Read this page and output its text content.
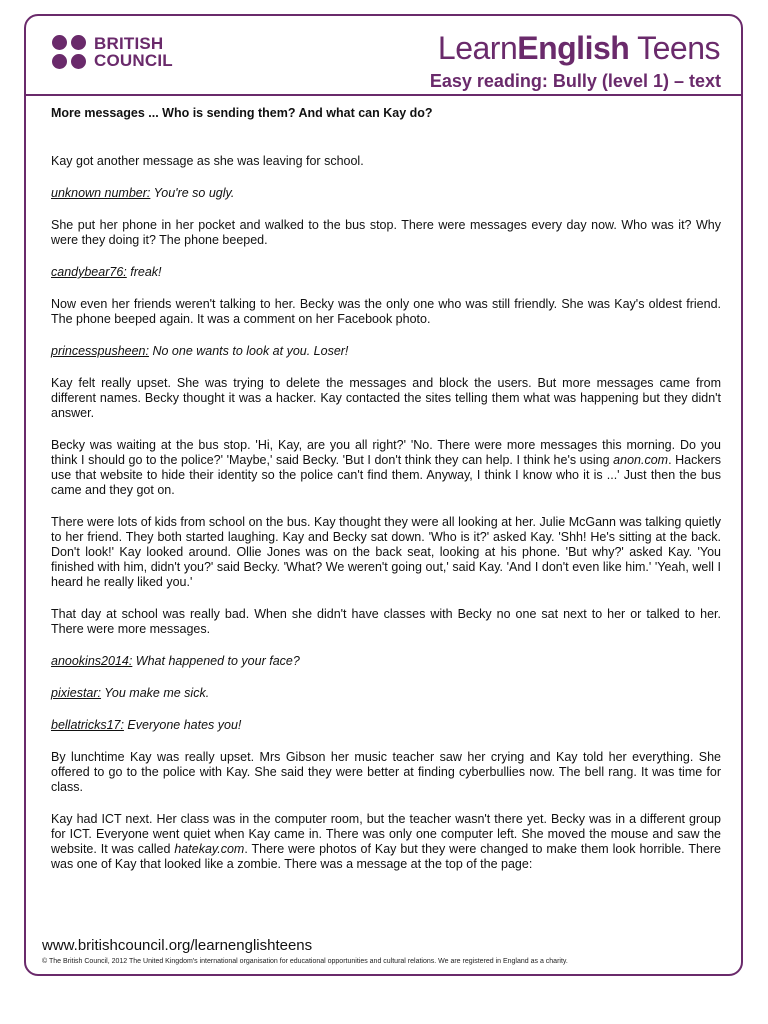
BRITISH
COUNCIL	LearnEnglish Teens
Easy reading: Bully (level 1) – text
More messages ... Who is sending them? And what can Kay do?

Kay got another message as she was leaving for school.

unknown number: You're so ugly.

She put her phone in her pocket and walked to the bus stop. There were messages every day now. Who was it? Why were they doing it? The phone beeped.

candybear76: freak!

Now even her friends weren't talking to her. Becky was the only one who was still friendly. She was Kay's oldest friend. The phone beeped again. It was a comment on her Facebook photo.

princesspusheen: No one wants to look at you. Loser!

Kay felt really upset. She was trying to delete the messages and block the users. But more messages came from different names. Becky thought it was a hacker. Kay contacted the sites telling them what was happening but they didn't answer.

Becky was waiting at the bus stop. 'Hi, Kay, are you all right?' 'No. There were more messages this morning. Do you think I should go to the police?' 'Maybe,' said Becky. 'But I don't think they can help. I think he's using anon.com. Hackers use that website to hide their identity so the police can't find them. Anyway, I think I know who it is ...' Just then the bus came and they got on.

There were lots of kids from school on the bus. Kay thought they were all looking at her. Julie McGann was talking quietly to her friend. They both started laughing. Kay and Becky sat down. 'Who is it?' asked Kay. 'Shh! He's sitting at the back. Don't look!' Kay looked around. Ollie Jones was on the back seat, looking at his phone. 'But why?' asked Kay. 'You finished with him, didn't you?' said Becky. 'What? We weren't going out,' said Kay. 'And I don't even like him.' 'Yeah, well I heard he really liked you.'

That day at school was really bad. When she didn't have classes with Becky no one sat next to her or talked to her. There were more messages.

anookins2014: What happened to your face?
pixiestar: You make me sick.
bellatricks17: Everyone hates you!

By lunchtime Kay was really upset. Mrs Gibson her music teacher saw her crying and Kay told her everything. She offered to go to the police with Kay. She said they were better at finding cyberbullies now. The bell rang. It was time for class.

Kay had ICT next. Her class was in the computer room, but the teacher wasn't there yet. Becky was in a different group for ICT. Everyone went quiet when Kay came in. There was only one computer left. She moved the mouse and saw the website. It was called hatekay.com. There were photos of Kay but they were changed to make them look horrible. There was one of Kay that looked like a zombie. There was a message at the top of the page:

www.britishcouncil.org/learnenglishteens
© The British Council, 2012 The United Kingdom's international organisation for educational opportunities and cultural relations. We are registered in England as a charity.
